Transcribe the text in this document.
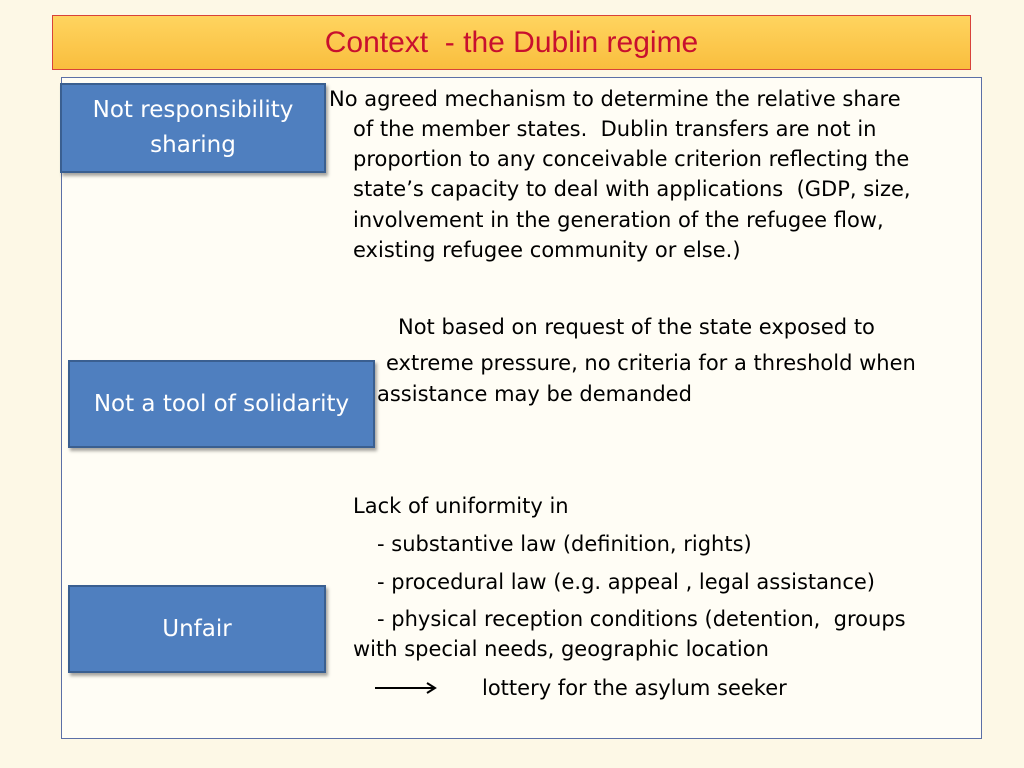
Context  - the Dublin regime
Not responsibility sharing
Not a tool of solidarity
Unfair
No agreed mechanism to determine the relative share
of the member states.  Dublin transfers are not in
proportion to any conceivable criterion reflecting the
state’s capacity to deal with applications  (GDP, size,
involvement in the generation of the refugee flow,
existing refugee community or else.)
Not based on request of the state exposed to
extreme pressure, no criteria for a threshold when
assistance may be demanded
Lack of uniformity in
- substantive law (definition, rights)
- procedural law (e.g. appeal , legal assistance)
- physical reception conditions (detention,  groups
with special needs, geographic location
lottery for the asylum seeker
